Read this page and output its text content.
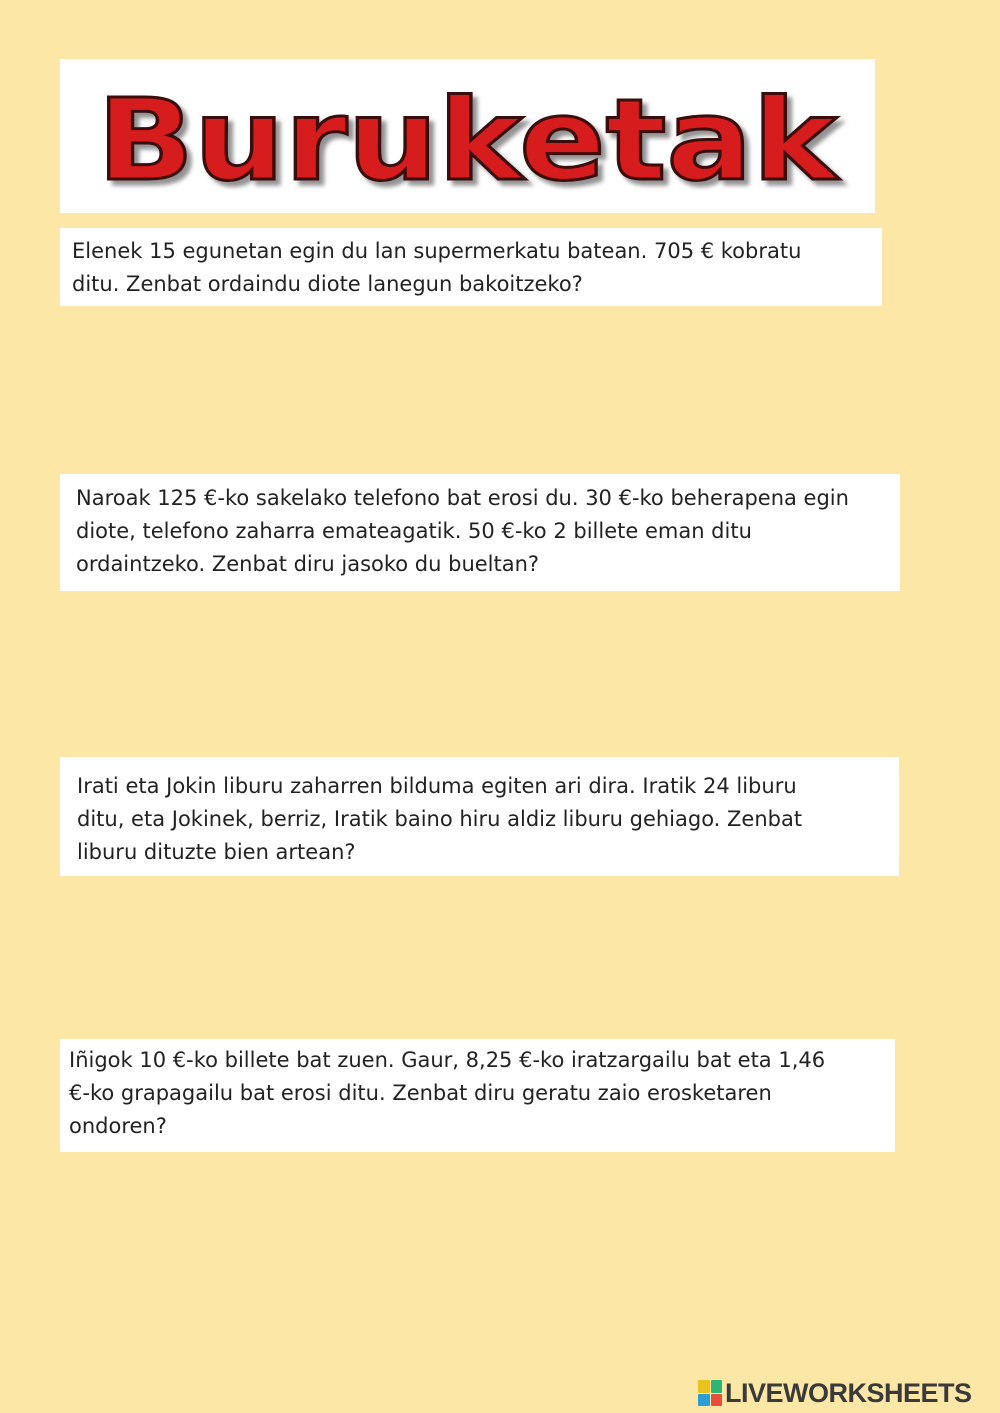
Buruketak
Elenek 15 egunetan egin du lan supermerkatu batean. 705 € kobratu
ditu. Zenbat ordaindu diote lanegun bakoitzeko?
Naroak 125 €-ko sakelako telefono bat erosi du. 30 €-ko beherapena egin
diote, telefono zaharra emateagatik. 50 €-ko 2 billete eman ditu
ordaintzeko. Zenbat diru jasoko du bueltan?
Irati eta Jokin liburu zaharren bilduma egiten ari dira. Iratik 24 liburu
ditu, eta Jokinek, berriz, Iratik baino hiru aldiz liburu gehiago. Zenbat
liburu dituzte bien artean?
Iñigok 10 €-ko billete bat zuen. Gaur, 8,25 €-ko iratzargailu bat eta 1,46
€-ko grapagailu bat erosi ditu. Zenbat diru geratu zaio erosketaren
ondoren?
LIVEWORKSHEETS
